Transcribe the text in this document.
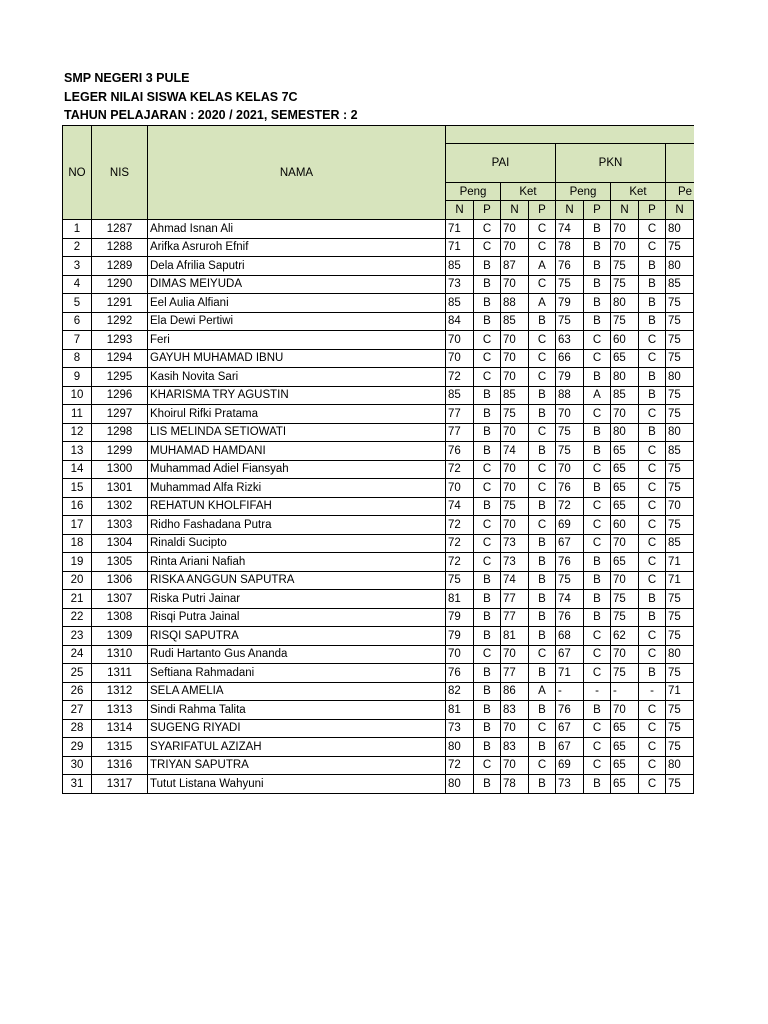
SMP NEGERI 3 PULE
LEGER NILAI SISWA KELAS KELAS 7C
TAHUN PELAJARAN : 2020 / 2021, SEMESTER : 2
NO	NIS	NAMA									
			PAI				PKN				
			Peng		Ket		Peng		Ket		Pe
			N	P	N	P	N	P	N	P	N
1	1287	Ahmad Isnan Ali	71	C	70	C	74	B	70	C	80
2	1288	Arifka Asruroh Efnif	71	C	70	C	78	B	70	C	75
3	1289	Dela Afrilia Saputri	85	B	87	A	76	B	75	B	80
4	1290	DIMAS MEIYUDA	73	B	70	C	75	B	75	B	85
5	1291	Eel Aulia Alfiani	85	B	88	A	79	B	80	B	75
6	1292	Ela Dewi Pertiwi	84	B	85	B	75	B	75	B	75
7	1293	Feri	70	C	70	C	63	C	60	C	75
8	1294	GAYUH MUHAMAD IBNU	70	C	70	C	66	C	65	C	75
9	1295	Kasih Novita Sari	72	C	70	C	79	B	80	B	80
10	1296	KHARISMA TRY AGUSTIN	85	B	85	B	88	A	85	B	75
11	1297	Khoirul Rifki Pratama	77	B	75	B	70	C	70	C	75
12	1298	LIS MELINDA SETIOWATI	77	B	70	C	75	B	80	B	80
13	1299	MUHAMAD HAMDANI	76	B	74	B	75	B	65	C	85
14	1300	Muhammad Adiel Fiansyah	72	C	70	C	70	C	65	C	75
15	1301	Muhammad Alfa Rizki	70	C	70	C	76	B	65	C	75
16	1302	REHATUN KHOLFIFAH	74	B	75	B	72	C	65	C	70
17	1303	Ridho Fashadana Putra	72	C	70	C	69	C	60	C	75
18	1304	Rinaldi Sucipto	72	C	73	B	67	C	70	C	85
19	1305	Rinta Ariani Nafiah	72	C	73	B	76	B	65	C	71
20	1306	RISKA ANGGUN SAPUTRA	75	B	74	B	75	B	70	C	71
21	1307	Riska Putri Jainar	81	B	77	B	74	B	75	B	75
22	1308	Risqi Putra Jainal	79	B	77	B	76	B	75	B	75
23	1309	RISQI SAPUTRA	79	B	81	B	68	C	62	C	75
24	1310	Rudi Hartanto Gus Ananda	70	C	70	C	67	C	70	C	80
25	1311	Seftiana Rahmadani	76	B	77	B	71	C	75	B	75
26	1312	SELA AMELIA	82	B	86	A	-	-	-	-	71
27	1313	Sindi Rahma Talita	81	B	83	B	76	B	70	C	75
28	1314	SUGENG RIYADI	73	B	70	C	67	C	65	C	75
29	1315	SYARIFATUL AZIZAH	80	B	83	B	67	C	65	C	75
30	1316	TRIYAN SAPUTRA	72	C	70	C	69	C	65	C	80
31	1317	Tutut Listana Wahyuni	80	B	78	B	73	B	65	C	75
